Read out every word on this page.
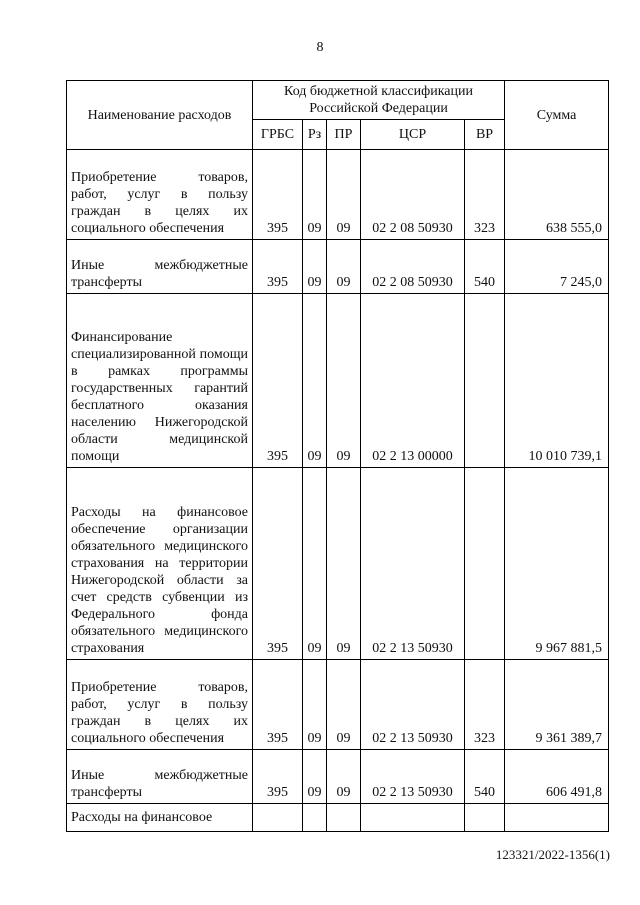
8
Наименование расходов	Код бюджетной классификации Российской Федерации					Сумма
	ГРБС	Рз	ПР	ЦСР	ВР	
Приобретение товаров, работ, услуг в пользу граждан в целях их социального обеспечения	395	09	09	02 2 08 50930	323	638 555,0
Иные межбюджетные трансферты	395	09	09	02 2 08 50930	540	7 245,0
Финансирование специализированной помощи в рамках программы государственных гарантий бесплатного оказания населению Нижегородской области медицинской помощи	395	09	09	02 2 13 00000		10 010 739,1
Расходы на финансовое обеспечение организации обязательного медицинского страхования на территории Нижегородской области за счет средств субвенции из Федерального фонда обязательного медицинского страхования	395	09	09	02 2 13 50930		9 967 881,5
Приобретение товаров, работ, услуг в пользу граждан в целях их социального обеспечения	395	09	09	02 2 13 50930	323	9 361 389,7
Иные межбюджетные трансферты	395	09	09	02 2 13 50930	540	606 491,8
Расходы на финансовое						
123321/2022-1356(1)
